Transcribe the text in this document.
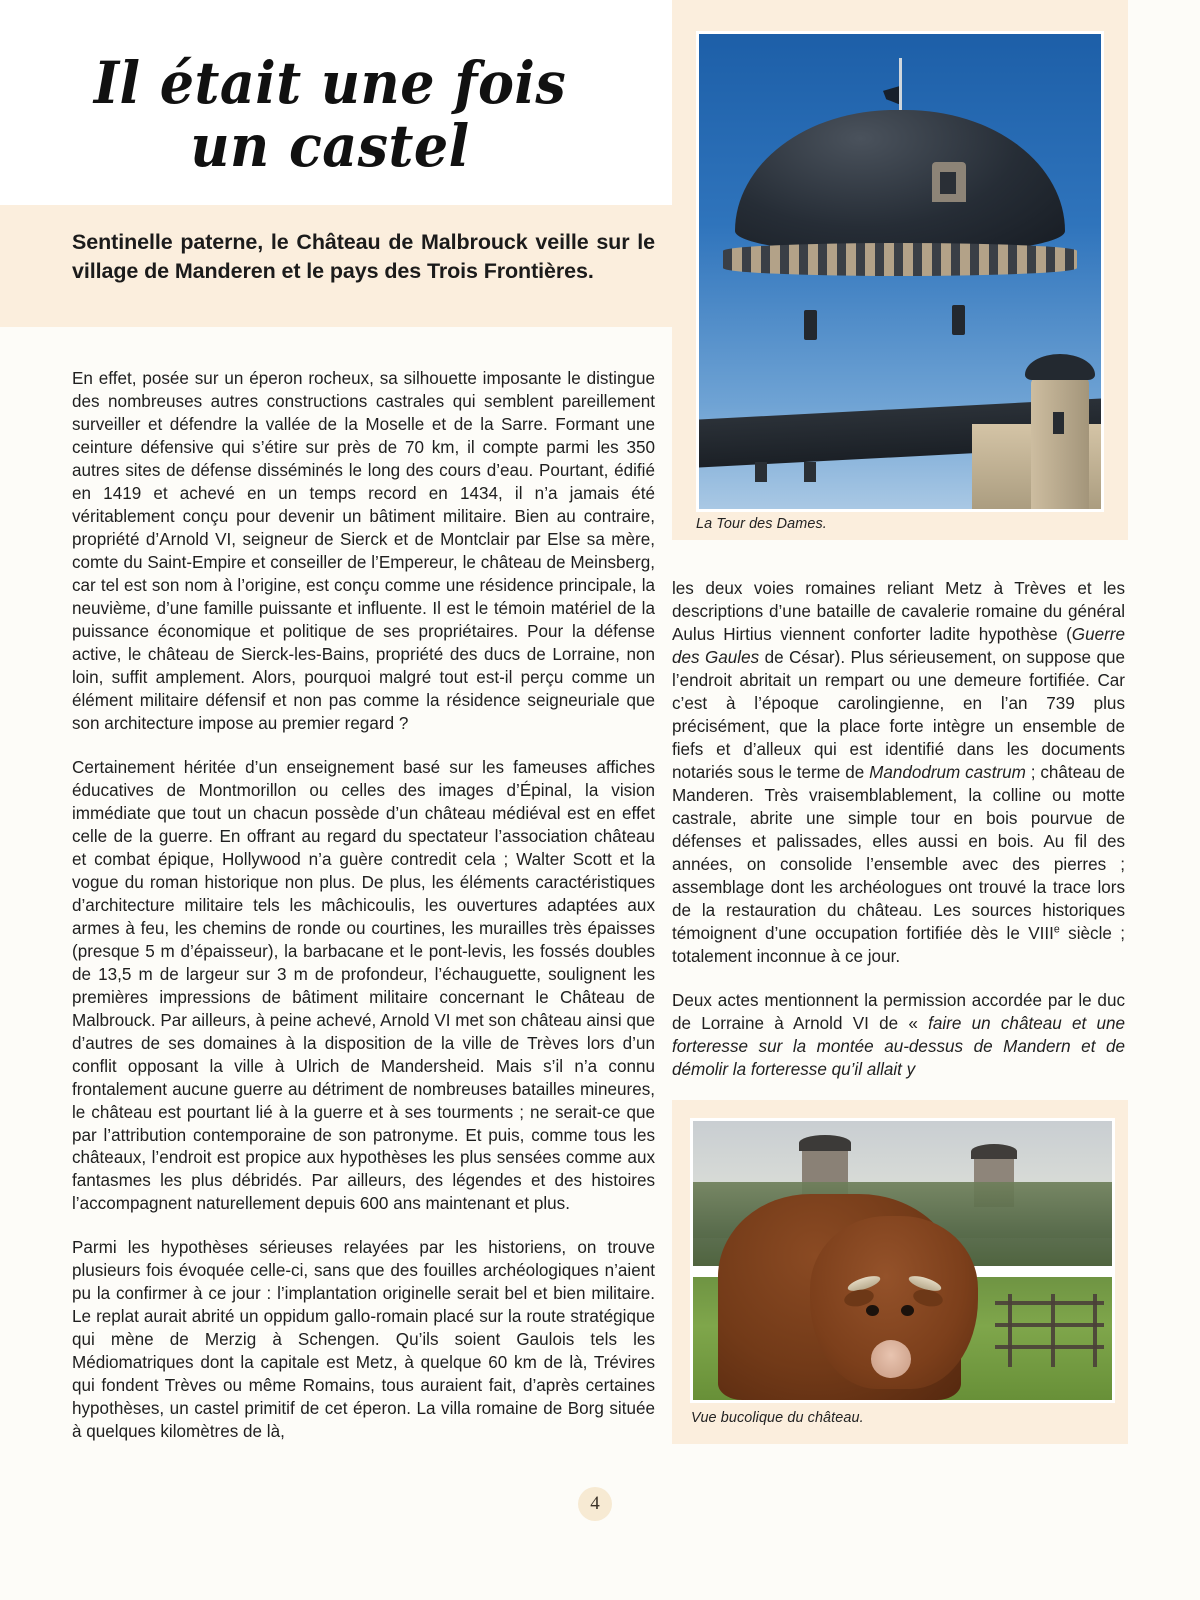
Il était une fois
un castel
Sentinelle paterne, le Château de Malbrouck veille sur le village de Manderen et le pays des Trois Frontières.

En effet, posée sur un éperon rocheux, sa silhouette imposante le distingue des nombreuses autres constructions castrales qui semblent pareillement surveiller et défendre la vallée de la Moselle et de la Sarre. Formant une ceinture défensive qui s’étire sur près de 70 km, il compte parmi les 350 autres sites de défense disséminés le long des cours d’eau. Pourtant, édifié en 1419 et achevé en un temps record en 1434, il n’a jamais été véritablement conçu pour devenir un bâtiment militaire. Bien au contraire, propriété d’Arnold VI, seigneur de Sierck et de Montclair par Else sa mère, comte du Saint-Empire et conseiller de l’Empereur, le château de Meinsberg, car tel est son nom à l’origine, est conçu comme une résidence principale, la neuvième, d’une famille puissante et influente. Il est le témoin matériel de la puissance économique et politique de ses propriétaires. Pour la défense active, le château de Sierck-les-Bains, propriété des ducs de Lorraine, non loin, suffit amplement. Alors, pourquoi malgré tout est-il perçu comme un élément militaire défensif et non pas comme la résidence seigneuriale que son architecture impose au premier regard ?

Certainement héritée d’un enseignement basé sur les fameuses affiches éducatives de Montmorillon ou celles des images d’Épinal, la vision immédiate que tout un chacun possède d’un château médiéval est en effet celle de la guerre. En offrant au regard du spectateur l’association château et combat épique, Hollywood n’a guère contredit cela ; Walter Scott et la vogue du roman historique non plus. De plus, les éléments caractéristiques d’architecture militaire tels les mâchicoulis, les ouvertures adaptées aux armes à feu, les chemins de ronde ou courtines, les murailles très épaisses (presque 5 m d’épaisseur), la barbacane et le pont-levis, les fossés doubles de 13,5 m de largeur sur 3 m de profondeur, l’échauguette, soulignent les premières impressions de bâtiment militaire concernant le Château de Malbrouck. Par ailleurs, à peine achevé, Arnold VI met son château ainsi que d’autres de ses domaines à la disposition de la ville de Trèves lors d’un conflit opposant la ville à Ulrich de Mandersheid. Mais s’il n’a connu frontalement aucune guerre au détriment de nombreuses batailles mineures, le château est pourtant lié à la guerre et à ses tourments ; ne serait-ce que par l’attribution contemporaine de son patronyme. Et puis, comme tous les châteaux, l’endroit est propice aux hypothèses les plus sensées comme aux fantasmes les plus débridés. Par ailleurs, des légendes et des histoires l’accompagnent naturellement depuis 600 ans maintenant et plus.

Parmi les hypothèses sérieuses relayées par les historiens, on trouve plusieurs fois évoquée celle-ci, sans que des fouilles archéologiques n’aient pu la confirmer à ce jour : l’implantation originelle serait bel et bien militaire. Le replat aurait abrité un oppidum gallo-romain placé sur la route stratégique qui mène de Merzig à Schengen. Qu’ils soient Gaulois tels les Médiomatriques dont la capitale est Metz, à quelque 60 km de là, Trévires qui fondent Trèves ou même Romains, tous auraient fait, d’après certaines hypothèses, un castel primitif de cet éperon. La villa romaine de Borg située à quelques kilomètres de là,

La Tour des Dames.

les deux voies romaines reliant Metz à Trèves et les descriptions d’une bataille de cavalerie romaine du général Aulus Hirtius viennent conforter ladite hypothèse (Guerre des Gaules de César). Plus sérieusement, on suppose que l’endroit abritait un rempart ou une demeure fortifiée. Car c’est à l’époque carolingienne, en l’an 739 plus précisément, que la place forte intègre un ensemble de fiefs et d’alleux qui est identifié dans les documents notariés sous le terme de Mandodrum castrum ; château de Manderen. Très vraisemblablement, la colline ou motte castrale, abrite une simple tour en bois pourvue de défenses et palissades, elles aussi en bois. Au fil des années, on consolide l’ensemble avec des pierres ; assemblage dont les archéologues ont trouvé la trace lors de la restauration du château. Les sources historiques témoignent d’une occupation fortifiée dès le VIIIe siècle ; totalement inconnue à ce jour.

Deux actes mentionnent la permission accordée par le duc de Lorraine à Arnold VI de « faire un château et une forteresse sur la montée au-dessus de Mandern et de démolir la forteresse qu’il allait y

Vue bucolique du château.
4
